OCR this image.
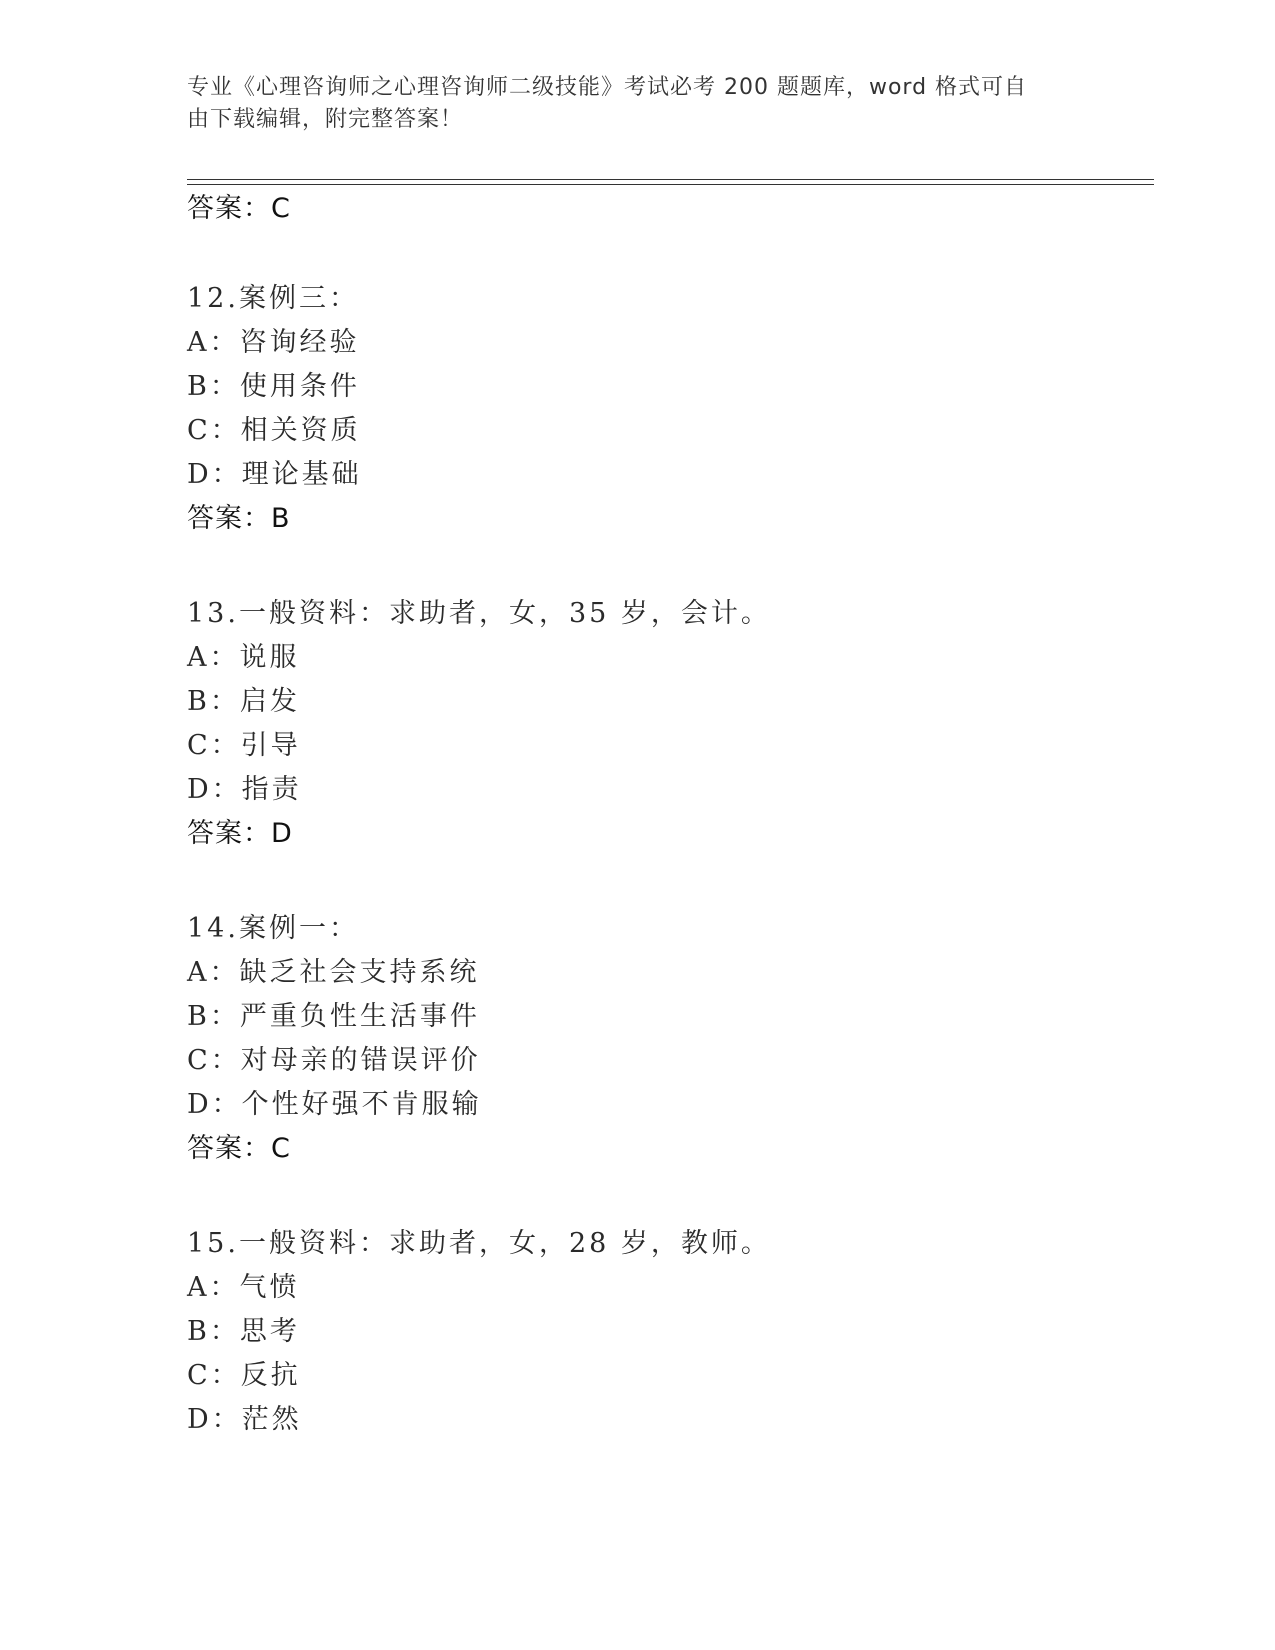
专业《心理咨询师之心理咨询师二级技能》考试必考 200 题题库，word 格式可自
由下载编辑，附完整答案！
答案：C
12.案例三：
A：咨询经验
B：使用条件
C：相关资质
D：理论基础
答案：B
13.一般资料：求助者，女，35 岁，会计。
A：说服
B：启发
C：引导
D：指责
答案：D
14.案例一：
A：缺乏社会支持系统
B：严重负性生活事件
C：对母亲的错误评价
D：个性好强不肯服输
答案：C
15.一般资料：求助者，女，28 岁，教师。
A：气愤
B：思考
C：反抗
D：茫然
